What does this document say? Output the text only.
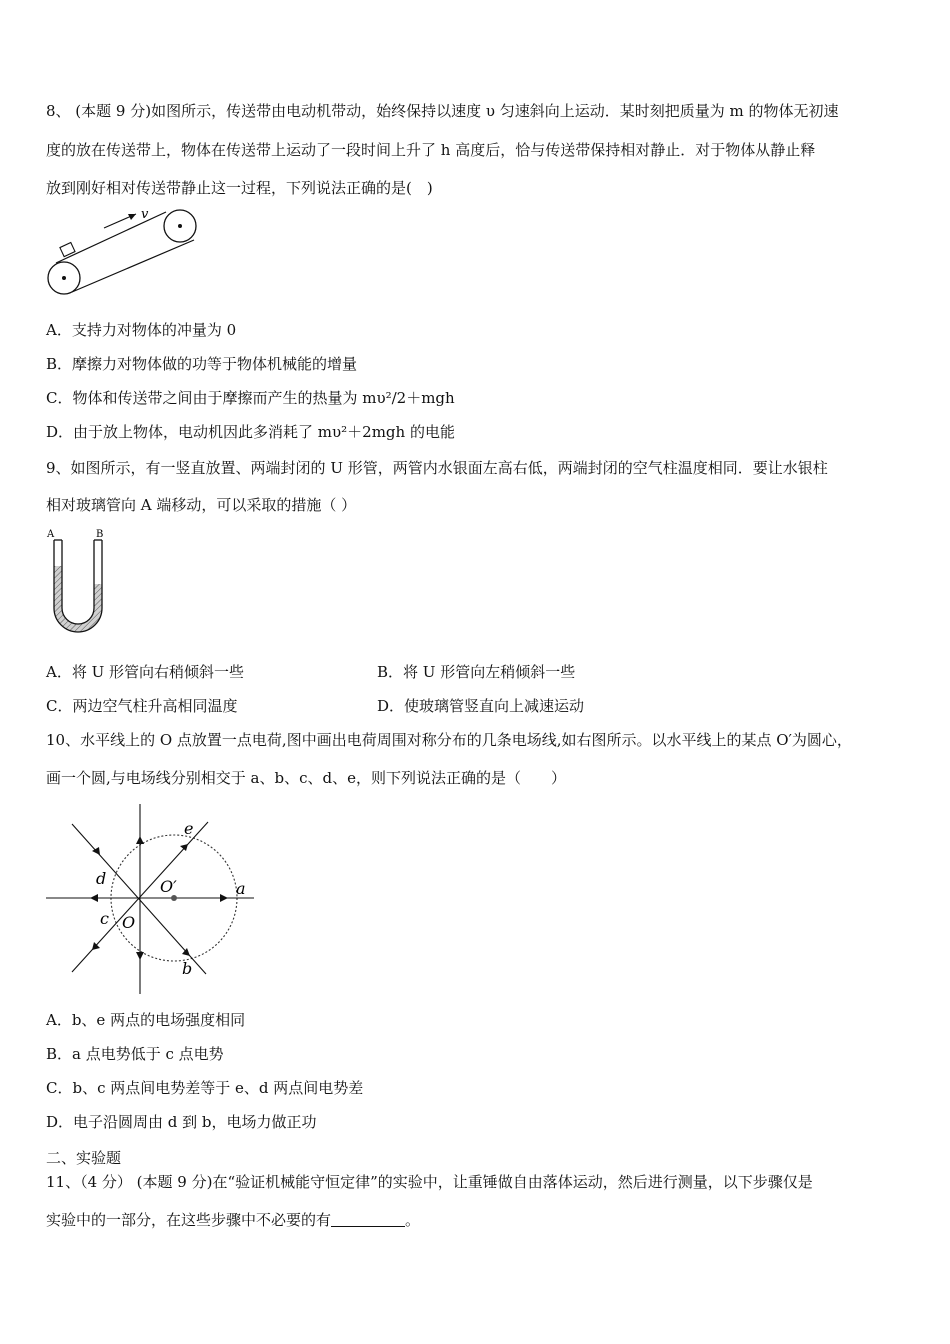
8、 (本题 9 分)如图所示，传送带由电动机带动，始终保持以速度 υ 匀速斜向上运动．某时刻把质量为 m 的物体无初速
度的放在传送带上，物体在传送带上运动了一段时间上升了 h 高度后，恰与传送带保持相对静止．对于物体从静止释
放到刚好相对传送带静止这一过程，下列说法正确的是(　)
v
A．支持力对物体的冲量为 0
B．摩擦力对物体做的功等于物体机械能的增量
C．物体和传送带之间由于摩擦而产生的热量为 mυ²/2＋mgh
D．由于放上物体，电动机因此多消耗了 mυ²＋2mgh 的电能
9、如图所示，有一竖直放置、两端封闭的 U 形管，两管内水银面左高右低，两端封闭的空气柱温度相同．要让水银柱
相对玻璃管向 A 端移动，可以采取的措施（ ）
A	B
A．将 U 形管向右稍倾斜一些	B．将 U 形管向左稍倾斜一些
C．两边空气柱升高相同温度	D．使玻璃管竖直向上减速运动
10、水平线上的 O 点放置一点电荷,图中画出电荷周围对称分布的几条电场线,如右图所示。以水平线上的某点 O′为圆心，
画一个圆,与电场线分别相交于 a、b、c、d、e，则下列说法正确的是（　　）
a
b
c
d
e
O
O′
A．b、e 两点的电场强度相同
B．a 点电势低于 c 点电势
C．b、c 两点间电势差等于 e、d 两点间电势差
D．电子沿圆周由 d 到 b，电场力做正功
二、实验题
11、（4 分） (本题 9 分)在“验证机械能守恒定律”的实验中，让重锤做自由落体运动，然后进行测量，以下步骤仅是
实验中的一部分，在这些步骤中不必要的有	。
